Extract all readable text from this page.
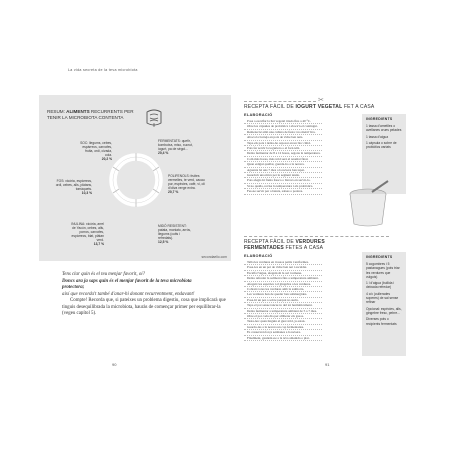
La vida secreta de la teva microbiota
RESUM: ALIMENTS RECURRENTS PER TENIR LA MICROBIOTA CONTENTA
SOC: llegums, cebes, espàrrecs, carxofes, fruita, ordi, civada, cola.
20,2 %
FERMENTATS: quefir, kombutxa, miso, xucrut, iogurt, pa de sègol...
20,4 %
POLIFENOLS: fruites vermelles, te verd, cacau pur, espècies, cafè, vi, oli d'oliva verge extra.
20,7 %
MIDÓ RESISTENT: patata, moniato, arròs, llegums (cuits i refredats).
12,5 %
INULINA: xicòria, arrel de Yacón, cebes, alls, porros, carxofes, espàrrecs, blat, plàtan verd.
13,7 %
FOS: xicòria, espàrrecs, ordi, cebes, alls, plàtans, tomàquets.
10,3 %
secondaelio.com
Tens clar quin és el teu menjar favorit, oi?
Doncs ara ja saps quin és el menjar favorit de la teva microbiota protectora;
així que recorda't també d'anar-hi donant recurrentment, endavant!
Compte! Recorda que, si pateixes un problema digestiu, cosa que implicarà que tinguis desequilibrada la microbiota, hauràs de començar primer per equilibrar-la (vegeu capítol 5).
90	91
✂
RECEPTA FÀCIL DE IOGURT VEGETAL FET A CASA
ELABORACIÓ
Posa a escalfar la llet vegetal triada fins a 40 °C.
Obre les càpsules de probiòtics i aboca'n el contingut.
Remena bé amb una cullera de fusta i no metàl·lica.
Aboca la barreja en pots de vidre ben nets.
Tapa els pots i deixa-ho reposar en un lloc càlid.
Pots fer servir la iogurtera o el forn tebi.
Deixa fermentar de 8 a 12 hores, segons la temperatura.
Com més hores, més àcid serà el resultat final.
Quan estigui quallat, guarda-ho a la nevera.
Aguanta bé uns 7 dies a la nevera ben tapat.
Guarda'n una mica per la següent tanda.
Pots afegir-hi fruita fresca o llavors en servir-lo.
Si no qualla, revisa la temperatura i els probiòtics.
Fes-ne servir per a batuts, salses o postres.
INGREDIENTS
1 tassa d'ametlles o avellanes crues pelades
1 tassa d'aigua
1 càpsula o sobre de probiòtics variats
RECEPTA FÀCIL DE VERDURES FERMENTADES FETES A CASA
ELABORACIÓ
Talla les verdures en trossos petits i uniformes.
Posa-les en un pot de vidre ben net i escaldat.
Escalfa l'aigua, afegeix-hi la sal i remena.
Deixa refredar la salmorra fins a temperatura ambient.
Afegeix les espècies i el gingebre a les verdures.
Cobreix totes les verdures amb la salmorra.
Les verdures han de quedar ben submergides.
Posa-hi un pes a sobre perquè no surin.
Tapa el pot sense tancar-lo del tot hermèticament.
Deixa fermentar a temperatura ambient de 5 a 7 dies.
Obre el pot cada dia per alliberar els gasos.
Tasta-les: quan tinguin el gust àcid, ja estan.
Guarda-les a la nevera un cop fermentades.
Es conserven força setmanes a la nevera.
Finalment, gaudeix-ne a la teva amanida o plat.
INGREDIENTS
5 cogombres i 5 pastanagues (pots triar les verdures que vulguis)
1 l d'aigua (bullida i deixada refredar)
4 c/c (cullerades soperes) de sal sense refinar
Opcional: espècies, alls, gingebre fresc, pebre...
Diverses pots o recipients fermentats
